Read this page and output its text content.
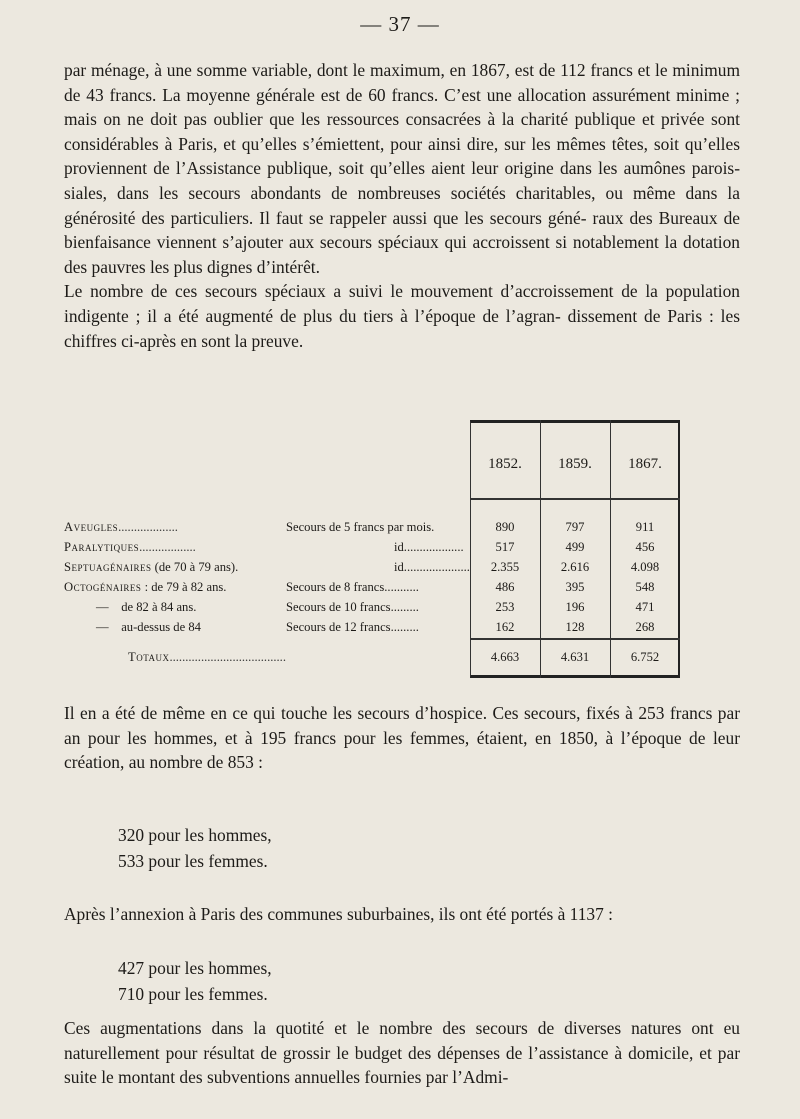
— 37 —

par ménage, à une somme variable, dont le maximum, en 1867, est de 112 francs et le minimum de 43 francs. La moyenne générale est de 60 francs. C’est une allocation assurément minime ; mais on ne doit pas oublier que les ressources consacrées à la charité publique et privée sont considérables à Paris, et qu’elles s’émiettent, pour ainsi dire, sur les mêmes têtes, soit qu’elles proviennent de l’Assistance publique, soit qu’elles aient leur origine dans les aumônes parois- siales, dans les secours abondants de nombreuses sociétés charitables, ou même dans la générosité des particuliers. Il faut se rappeler aussi que les secours géné- raux des Bureaux de bienfaisance viennent s’ajouter aux secours spéciaux qui accroissent si notablement la dotation des pauvres les plus dignes d’intérêt.
Le nombre de ces secours spéciaux a suivi le mouvement d’accroissement de la population indigente ; il a été augmenté de plus du tiers à l’époque de l’agran- dissement de Paris : les chiffres ci-après en sont la preuve.

1852.	1859.	1867.
Aveugles...................	Secours de 5 francs par mois.	890	797	911
Paralytiques..................	id...................	517	499	456
Septuagénaires (de 70 à 79 ans).	id.....................	2.355	2.616	4.098
Octogénaires : de 79 à 82 ans.	Secours de 8 francs...........	486	395	548
— de 82 à 84 ans.	Secours de 10 francs.........	253	196	471
— au-dessus de 84	Secours de 12 francs.........	162	128	268
Totaux.....................................	4.663	4.631	6.752

Il en a été de même en ce qui touche les secours d’hospice. Ces secours, fixés à 253 francs par an pour les hommes, et à 195 francs pour les femmes, étaient, en 1850, à l’époque de leur création, au nombre de 853 :

320 pour les hommes,
533 pour les femmes.

Après l’annexion à Paris des communes suburbaines, ils ont été portés à 1137 :

427 pour les hommes,
710 pour les femmes.

Ces augmentations dans la quotité et le nombre des secours de diverses natures ont eu naturellement pour résultat de grossir le budget des dépenses de l’assistance à domicile, et par suite le montant des subventions annuelles fournies par l’Admi-
